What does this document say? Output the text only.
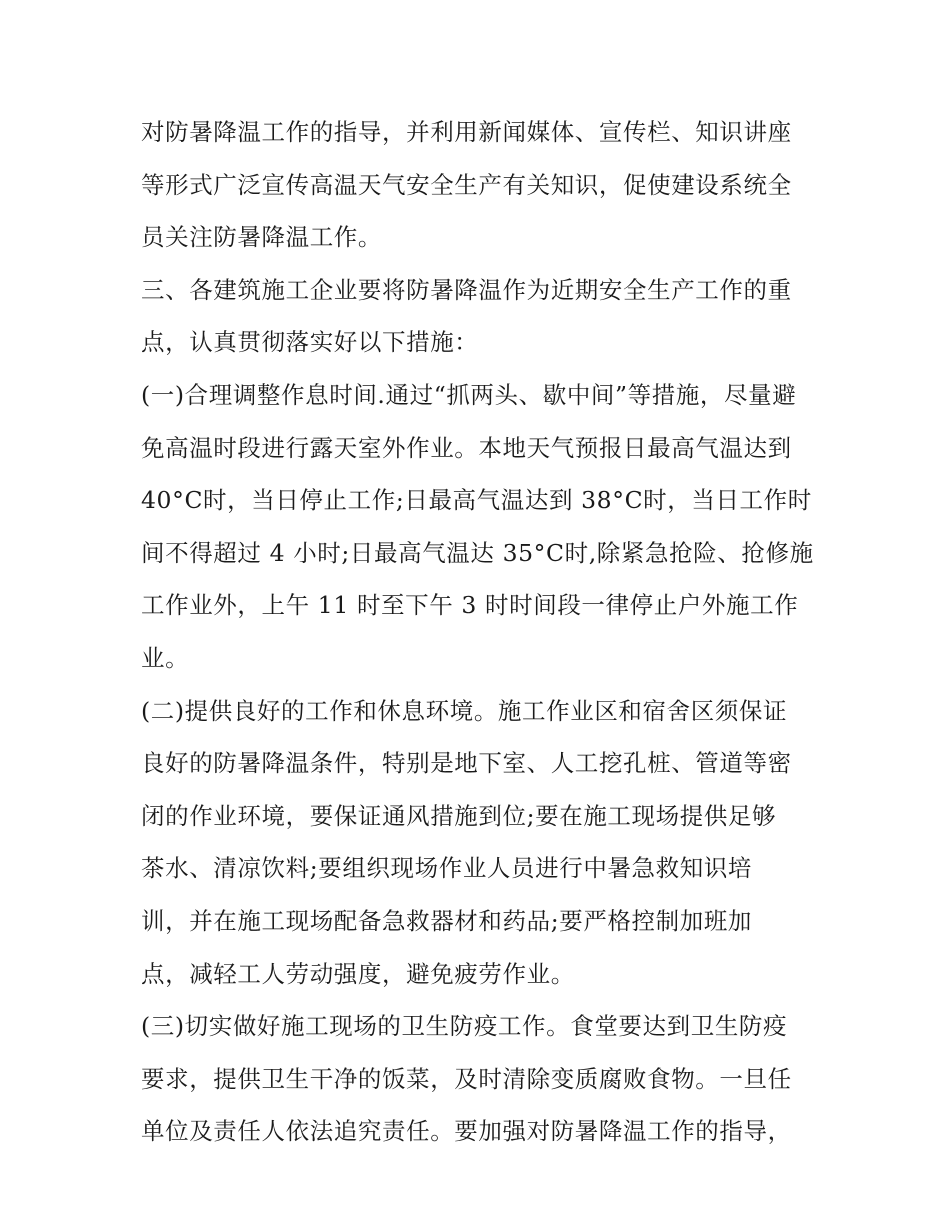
对防暑降温工作的指导，并利用新闻媒体、宣传栏、知识讲座
等形式广泛宣传高温天气安全生产有关知识，促使建设系统全
员关注防暑降温工作。
三、各建筑施工企业要将防暑降温作为近期安全生产工作的重
点，认真贯彻落实好以下措施：
(一)合理调整作息时间.通过“抓两头、歇中间”等措施，尽量避
免高温时段进行露天室外作业。本地天气预报日最高气温达到
40°C时，当日停止工作;日最高气温达到 38°C时，当日工作时
间不得超过 4 小时;日最高气温达 35°C时,除紧急抢险、抢修施
工作业外，上午 11 时至下午 3 时时间段一律停止户外施工作
业。
(二)提供良好的工作和休息环境。施工作业区和宿舍区须保证
良好的防暑降温条件，特别是地下室、人工挖孔桩、管道等密
闭的作业环境，要保证通风措施到位;要在施工现场提供足够
茶水、清凉饮料;要组织现场作业人员进行中暑急救知识培
训，并在施工现场配备急救器材和药品;要严格控制加班加
点，减轻工人劳动强度，避免疲劳作业。
(三)切实做好施工现场的卫生防疫工作。食堂要达到卫生防疫
要求，提供卫生干净的饭菜，及时清除变质腐败食物。一旦任
单位及责任人依法追究责任。要加强对防暑降温工作的指导，
